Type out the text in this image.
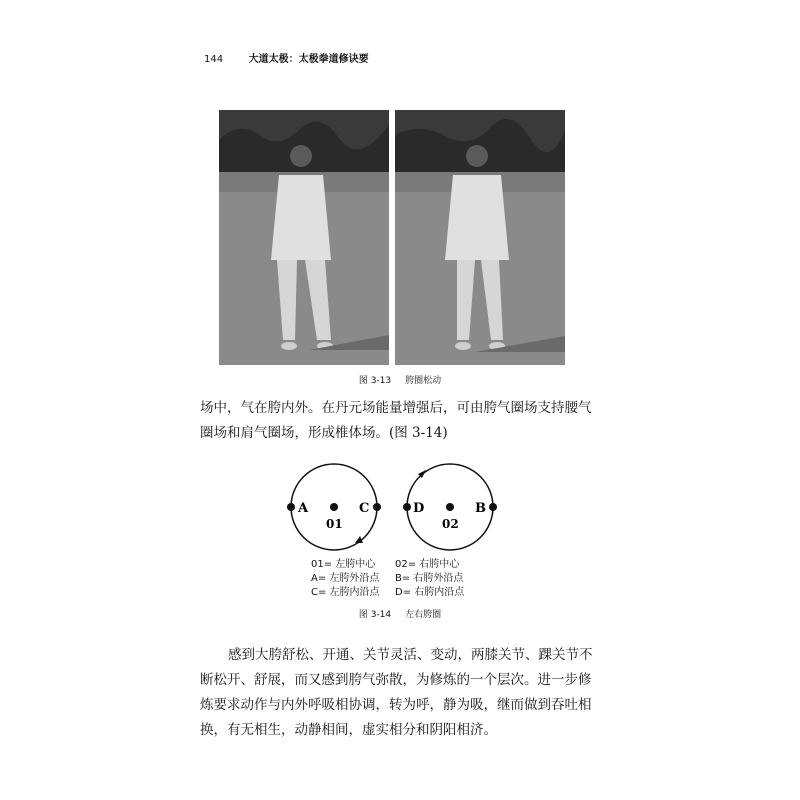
144	大道太极：太极拳道修诀要
图 3-13 胯圈松动
场中，气在胯内外。在丹元场能量增强后，可由胯气圈场支持腰气圈场和肩气圈场，形成椎体场。(图 3-14)
A	C
01
D	B
02
01= 左胯中心
A= 左胯外沿点
C= 左胯内沿点
02= 右胯中心
B= 右胯外沿点
D= 右胯内沿点
图 3-14 左右胯圈
感到大胯舒松、开通、关节灵活、变动，两膝关节、踝关节不断松开、舒展，而又感到胯气弥散，为修炼的一个层次。进一步修炼要求动作与内外呼吸相协调，转为呼，静为吸，继而做到吞吐相换，有无相生，动静相间，虚实相分和阴阳相济。
